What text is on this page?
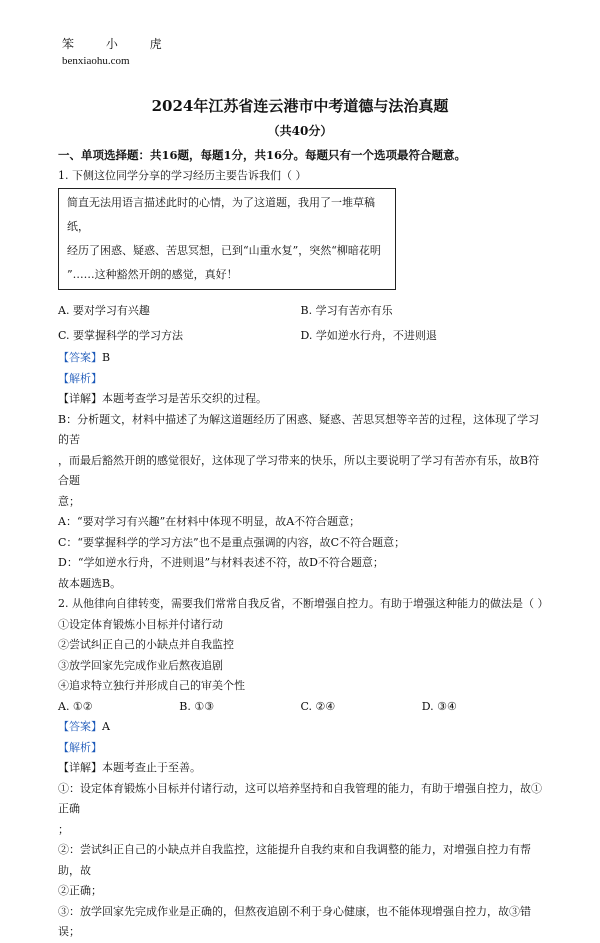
笨 小 虎
benxiaohu.com
2024年江苏省连云港市中考道德与法治真题
（共40分）
一、单项选择题：共16题，每题1分，共16分。每题只有一个选项最符合题意。
1. 下侧这位同学分享的学习经历主要告诉我们（ ）
简直无法用语言描述此时的心情，为了这道题，我用了一堆草稿纸，
经历了困惑、疑惑、苦思冥想，已到“山重水复”，突然“柳暗花明
”……这种豁然开朗的感觉，真好！
A. 要对学习有兴趣	B. 学习有苦亦有乐
C. 要掌握科学的学习方法	D. 学如逆水行舟，不进则退
【答案】B
【解析】
【详解】本题考查学习是苦乐交织的过程。
B：分析题文，材料中描述了为解这道题经历了困惑、疑惑、苦思冥想等辛苦的过程，这体现了学习的苦
，而最后豁然开朗的感觉很好，这体现了学习带来的快乐，所以主要说明了学习有苦亦有乐，故B符合题
意；
A：“要对学习有兴趣”在材料中体现不明显，故A不符合题意；
C：“要掌握科学的学习方法”也不是重点强调的内容，故C不符合题意；
D：“学如逆水行舟，不进则退”与材料表述不符，故D不符合题意；
故本题选B。
2. 从他律向自律转变，需要我们常常自我反省，不断增强自控力。有助于增强这种能力的做法是（ ）
①设定体育锻炼小目标并付诸行动
②尝试纠正自己的小缺点并自我监控
③放学回家先完成作业后熬夜追剧
④追求特立独行并形成自己的审美个性
A. ①②	B. ①③	C. ②④	D. ③④
【答案】A
【解析】
【详解】本题考查止于至善。
①：设定体育锻炼小目标并付诸行动，这可以培养坚持和自我管理的能力，有助于增强自控力，故①正确
；
②：尝试纠正自己的小缺点并自我监控，这能提升自我约束和自我调整的能力，对增强自控力有帮助，故
②正确；
③：放学回家先完成作业是正确的，但熬夜追剧不利于身心健康，也不能体现增强自控力，故③错误；
